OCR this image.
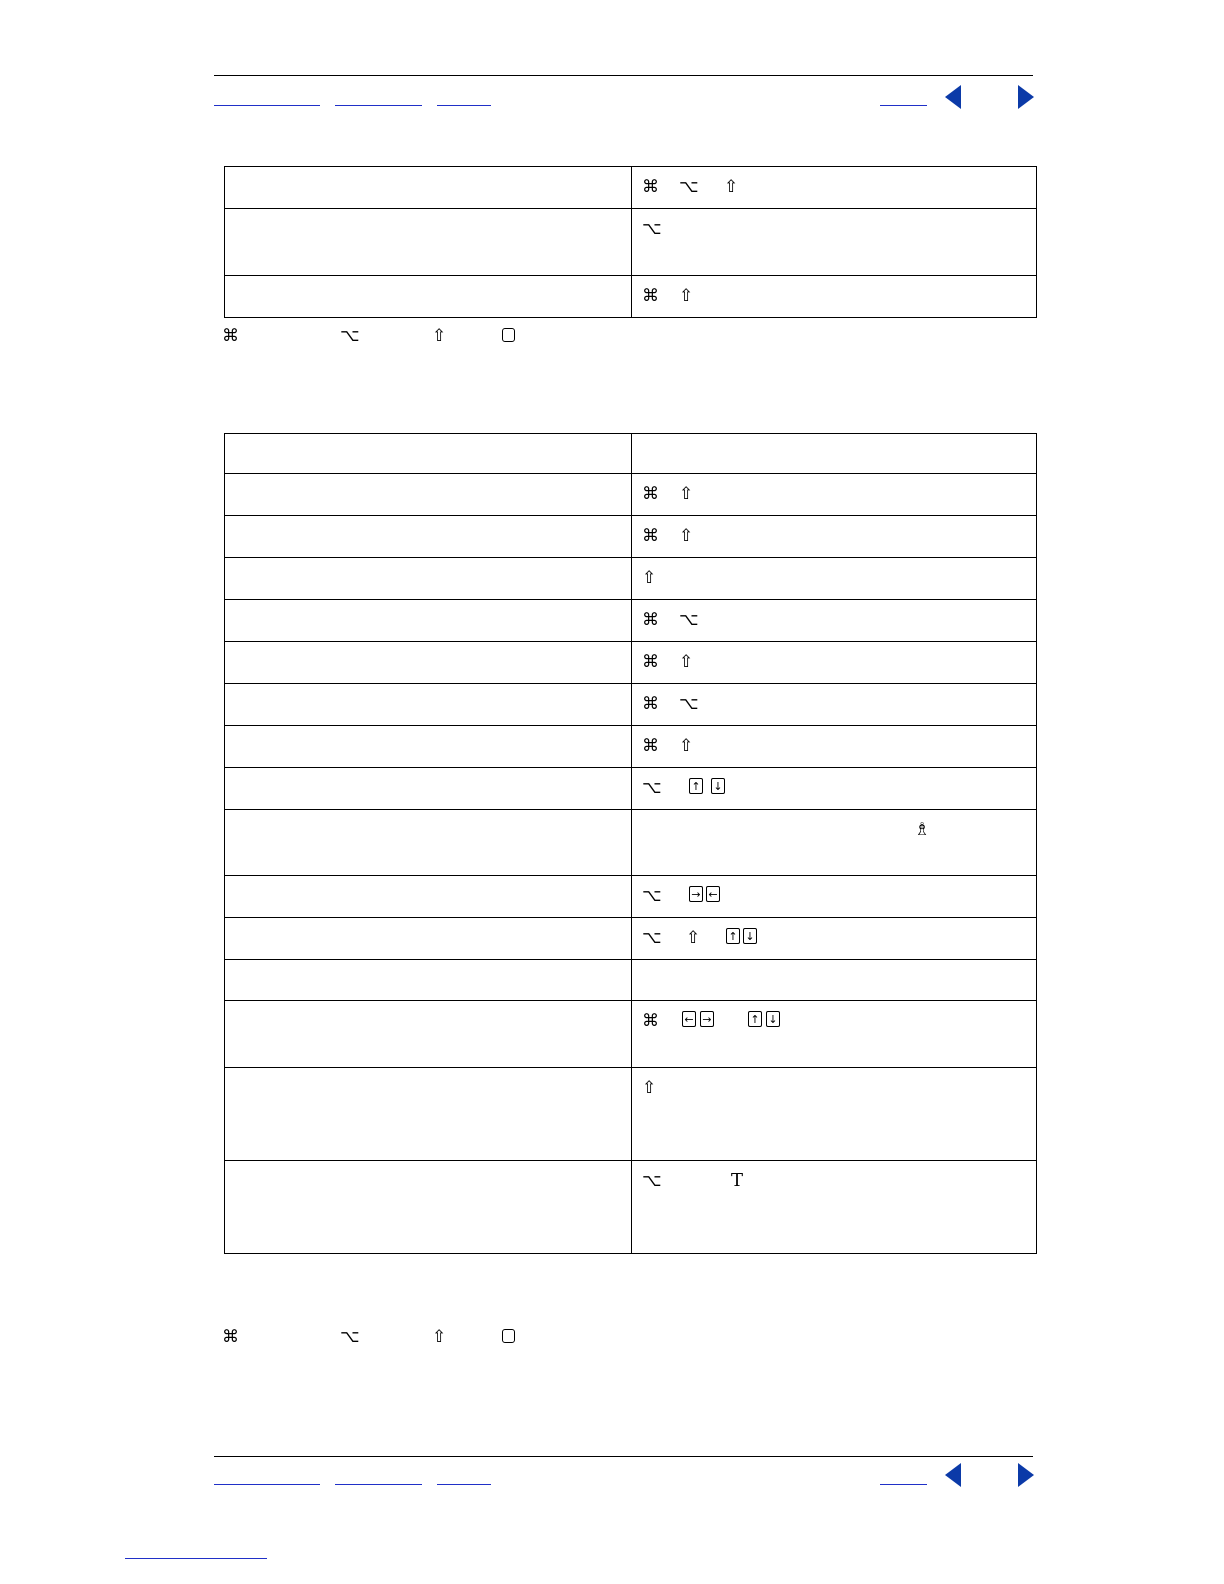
	⌘ ⌥ ⇧

	⌥

	⌘ ⇧
⌘	⌥	⇧

	⌘ ⇧

	⌘ ⇧

	⇧

	⌘ ⌥

	⌘ ⇧

	⌘ ⌥

	⌘ ⇧

	⌥ ↑ ↓

	♗

	⌥ → ←

	⌥ ⇧ ↑ ↓

	⌘ ← → ↑ ↓

	⇧

	⌥ T
⌘	⌥	⇧
